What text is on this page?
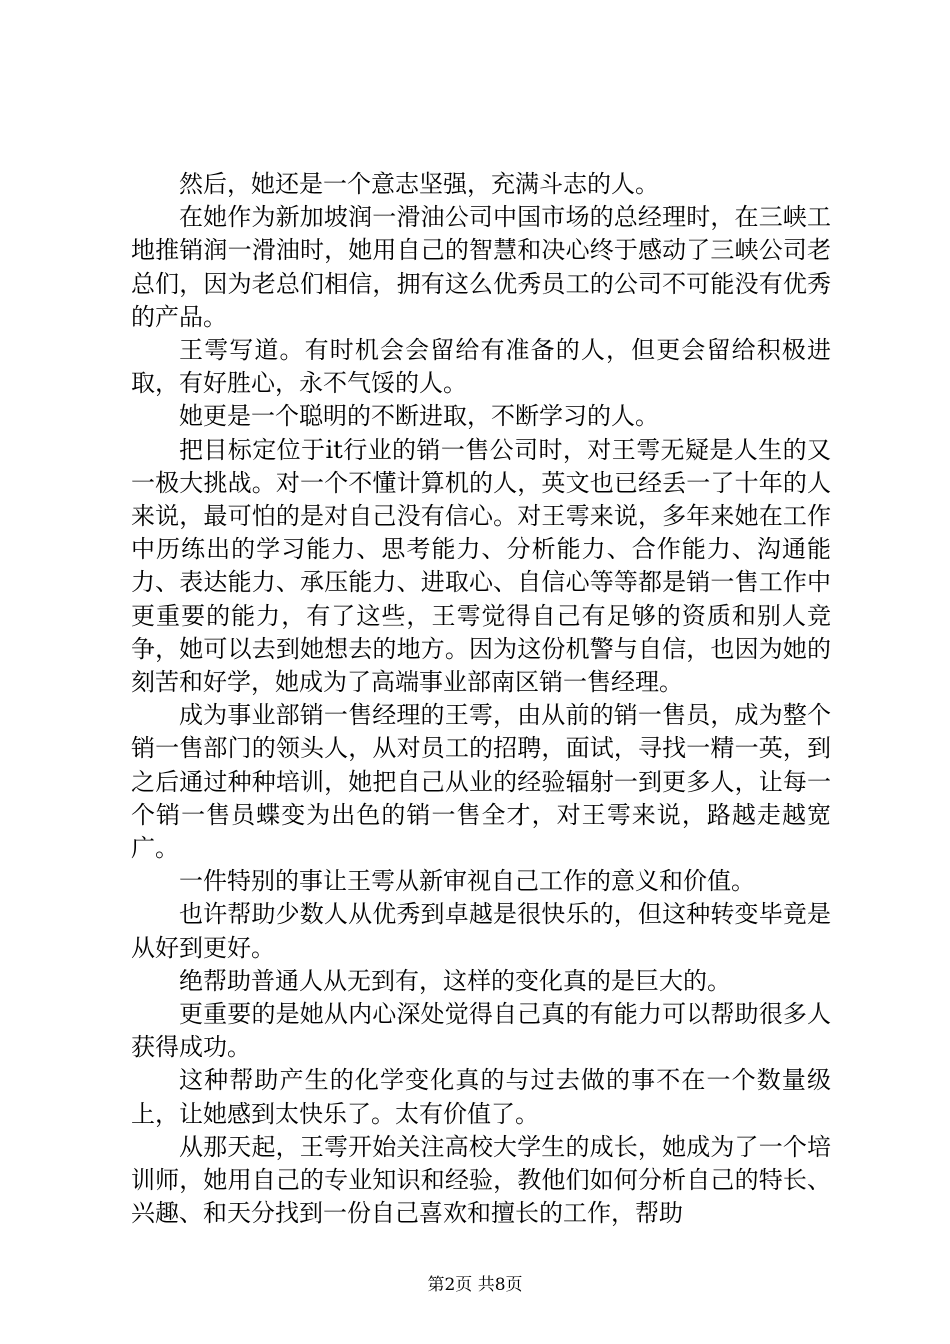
然后，她还是一个意志坚强，充满斗志的人。

在她作为新加坡润一滑油公司中国市场的总经理时，在三峡工地推销润一滑油时，她用自己的智慧和决心终于感动了三峡公司老总们，因为老总们相信，拥有这么优秀员工的公司不可能没有优秀的产品。

王雩写道。有时机会会留给有准备的人，但更会留给积极进取，有好胜心，永不气馁的人。

她更是一个聪明的不断进取，不断学习的人。

把目标定位于it行业的销一售公司时，对王雩无疑是人生的又一极大挑战。对一个不懂计算机的人，英文也已经丢一了十年的人来说，最可怕的是对自己没有信心。对王雩来说，多年来她在工作中历练出的学习能力、思考能力、分析能力、合作能力、沟通能力、表达能力、承压能力、进取心、自信心等等都是销一售工作中更重要的能力，有了这些，王雩觉得自己有足够的资质和别人竞争，她可以去到她想去的地方。因为这份机警与自信，也因为她的刻苦和好学，她成为了高端事业部南区销一售经理。

成为事业部销一售经理的王雩，由从前的销一售员，成为整个销一售部门的领头人，从对员工的招聘，面试，寻找一精一英，到之后通过种种培训，她把自己从业的经验辐射一到更多人，让每一个销一售员蝶变为出色的销一售全才，对王雩来说，路越走越宽广。

一件特别的事让王雩从新审视自己工作的意义和价值。

也许帮助少数人从优秀到卓越是很快乐的，但这种转变毕竟是从好到更好。

绝帮助普通人从无到有，这样的变化真的是巨大的。

更重要的是她从内心深处觉得自己真的有能力可以帮助很多人获得成功。

这种帮助产生的化学变化真的与过去做的事不在一个数量级上，让她感到太快乐了。太有价值了。

从那天起，王雩开始关注高校大学生的成长，她成为了一个培训师，她用自己的专业知识和经验，教他们如何分析自己的特长、兴趣、和天分找到一份自己喜欢和擅长的工作，帮助

第2页 共8页
